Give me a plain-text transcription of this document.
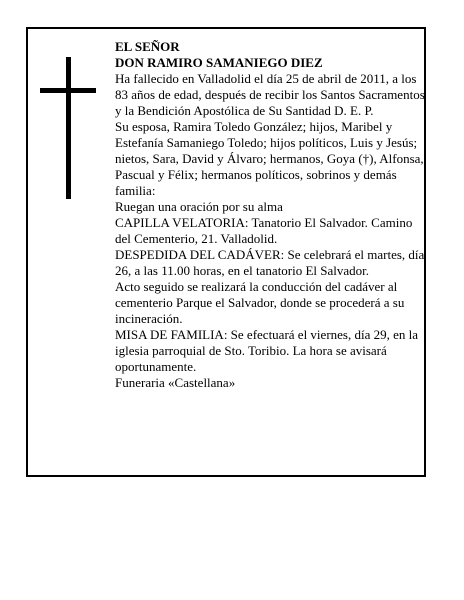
EL SEÑOR

DON RAMIRO SAMANIEGO DIEZ

Ha fallecido en Valladolid el día 25 de abril de 2011, a los 83 años de edad, después de recibir los Santos Sacramentos y la Bendición Apostólica de Su Santidad D. E. P.

Su esposa, Ramira Toledo González; hijos, Maribel y Estefanía Samaniego Toledo; hijos políticos, Luis y Jesús; nietos, Sara, David y Álvaro; hermanos, Goya (†), Alfonsa, Pascual y Félix; hermanos políticos, sobrinos y demás familia:

Ruegan una oración por su alma

CAPILLA VELATORIA: Tanatorio El Salvador. Camino del Cementerio, 21. Valladolid.

DESPEDIDA DEL CADÁVER: Se celebrará el martes, día 26, a las 11.00 horas, en el tanatorio El Salvador.

Acto seguido se realizará la conducción del cadáver al cementerio Parque el Salvador, donde se procederá a su incineración.

MISA DE FAMILIA: Se efectuará el viernes, día 29, en la iglesia parroquial de Sto. Toribio. La hora se avisará oportunamente.

Funeraria «Castellana»
